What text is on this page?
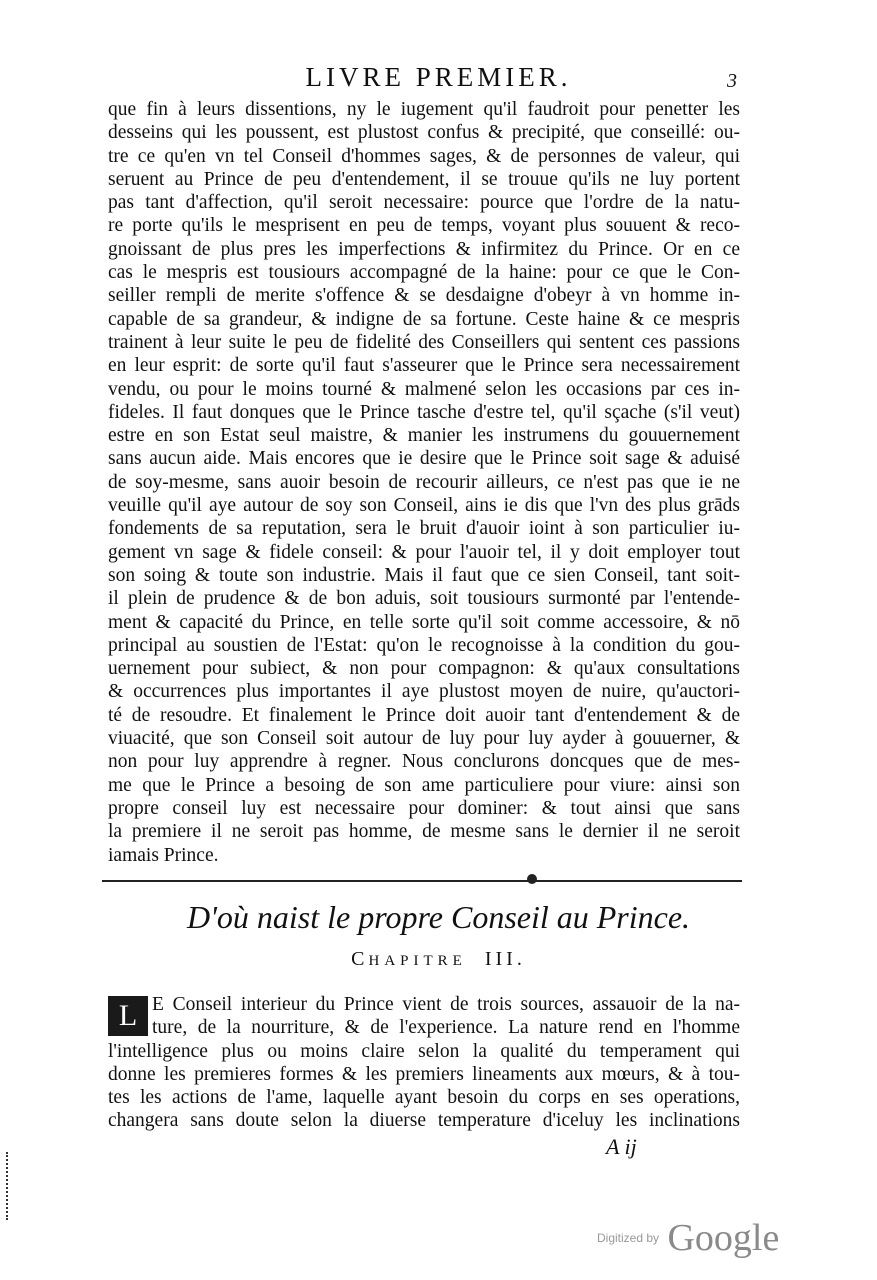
LIVRE PREMIER.	3
que fin à leurs dissentions, ny le iugement qu'il faudroit pour penetter les
desseins qui les poussent, est plustost confus & precipité, que conseillé: ou-
tre ce qu'en vn tel Conseil d'hommes sages, & de personnes de valeur, qui
seruent au Prince de peu d'entendement, il se trouue qu'ils ne luy portent
pas tant d'affection, qu'il seroit necessaire: pource que l'ordre de la natu-
re porte qu'ils le mesprisent en peu de temps, voyant plus souuent & reco-
gnoissant de plus pres les imperfections & infirmitez du Prince. Or en ce
cas le mespris est tousiours accompagné de la haine: pour ce que le Con-
seiller rempli de merite s'offence & se desdaigne d'obeyr à vn homme in-
capable de sa grandeur, & indigne de sa fortune. Ceste haine & ce mespris
trainent à leur suite le peu de fidelité des Conseillers qui sentent ces passions
en leur esprit: de sorte qu'il faut s'asseurer que le Prince sera necessairement
vendu, ou pour le moins tourné & malmené selon les occasions par ces in-
fideles. Il faut donques que le Prince tasche d'estre tel, qu'il sçache (s'il veut)
estre en son Estat seul maistre, & manier les instrumens du gouuernement
sans aucun aide. Mais encores que ie desire que le Prince soit sage & aduisé
de soy-mesme, sans auoir besoin de recourir ailleurs, ce n'est pas que ie ne
veuille qu'il aye autour de soy son Conseil, ains ie dis que l'vn des plus grāds
fondements de sa reputation, sera le bruit d'auoir ioint à son particulier iu-
gement vn sage & fidele conseil: & pour l'auoir tel, il y doit employer tout
son soing & toute son industrie. Mais il faut que ce sien Conseil, tant soit-
il plein de prudence & de bon aduis, soit tousiours surmonté par l'entende-
ment & capacité du Prince, en telle sorte qu'il soit comme accessoire, & nō
principal au soustien de l'Estat: qu'on le recognoisse à la condition du gou-
uernement pour subiect, & non pour compagnon: & qu'aux consultations
& occurrences plus importantes il aye plustost moyen de nuire, qu'auctori-
té de resoudre. Et finalement le Prince doit auoir tant d'entendement & de
viuacité, que son Conseil soit autour de luy pour luy ayder à gouuerner, &
non pour luy apprendre à regner. Nous conclurons doncques que de mes-
me que le Prince a besoing de son ame particuliere pour viure: ainsi son
propre conseil luy est necessaire pour dominer: & tout ainsi que sans
la premiere il ne seroit pas homme, de mesme sans le dernier il ne seroit
iamais Prince.
D'où naist le propre Conseil au Prince.
CHAPITRE III.
L E Conseil interieur du Prince vient de trois sources, assauoir de la na-
ture, de la nourriture, & de l'experience. La nature rend en l'homme
l'intelligence plus ou moins claire selon la qualité du temperament qui
donne les premieres formes & les premiers lineaments aux mœurs, & à tou-
tes les actions de l'ame, laquelle ayant besoin du corps en ses operations,
changera sans doute selon la diuerse temperature d'iceluy les inclinations
A ij
Digitized by Google
